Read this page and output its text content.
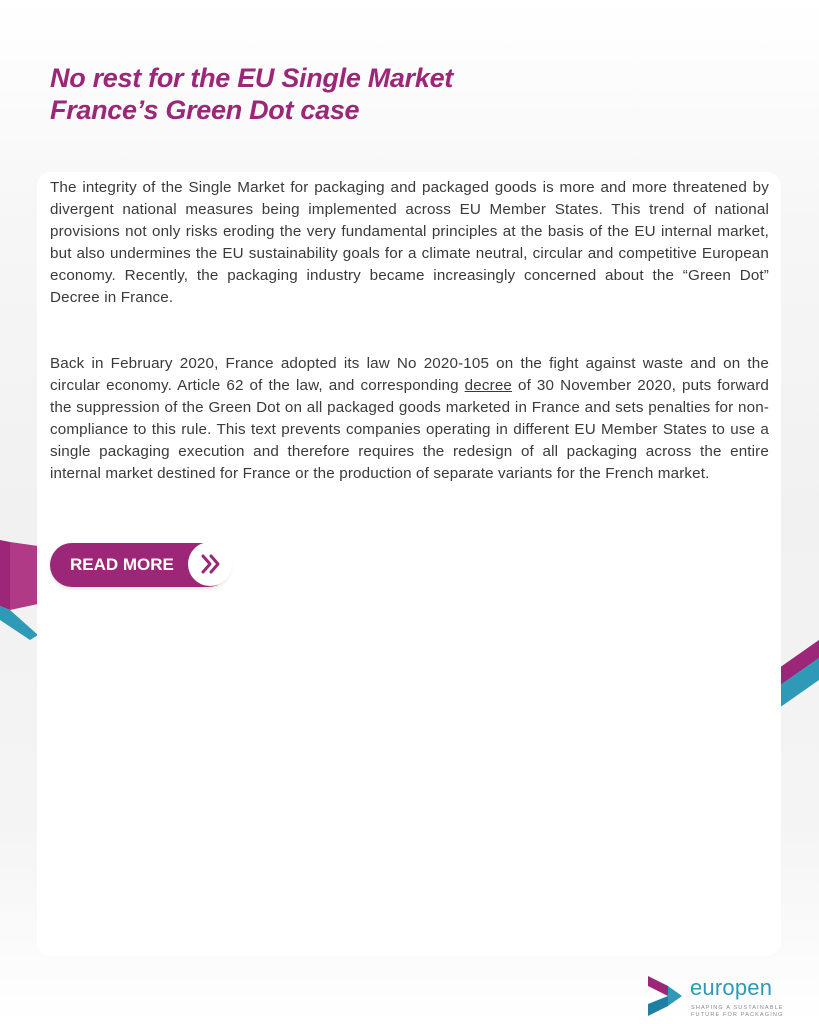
No rest for the EU Single Market
France’s Green Dot case

The integrity of the Single Market for packaging and packaged goods is more and more threatened by divergent national measures being implemented across EU Member States. This trend of national provisions not only risks eroding the very fundamental principles at the basis of the EU internal market, but also undermines the EU sustainability goals for a climate neutral, circular and competitive European economy. Recently, the packaging industry became increasingly concerned about the “Green Dot” Decree in France.

Back in February 2020, France adopted its law No 2020-105 on the fight against waste and on the circular economy. Article 62 of the law, and corresponding decree of 30 November 2020, puts forward the suppression of the Green Dot on all packaged goods marketed in France and sets penalties for non-compliance to this rule. This text prevents companies operating in different EU Member States to use a single packaging execution and therefore requires the redesign of all packaging across the entire internal market destined for France or the production of separate variants for the French market.

READ MORE
europen
SHAPING A SUSTAINABLE
FUTURE FOR PACKAGING
